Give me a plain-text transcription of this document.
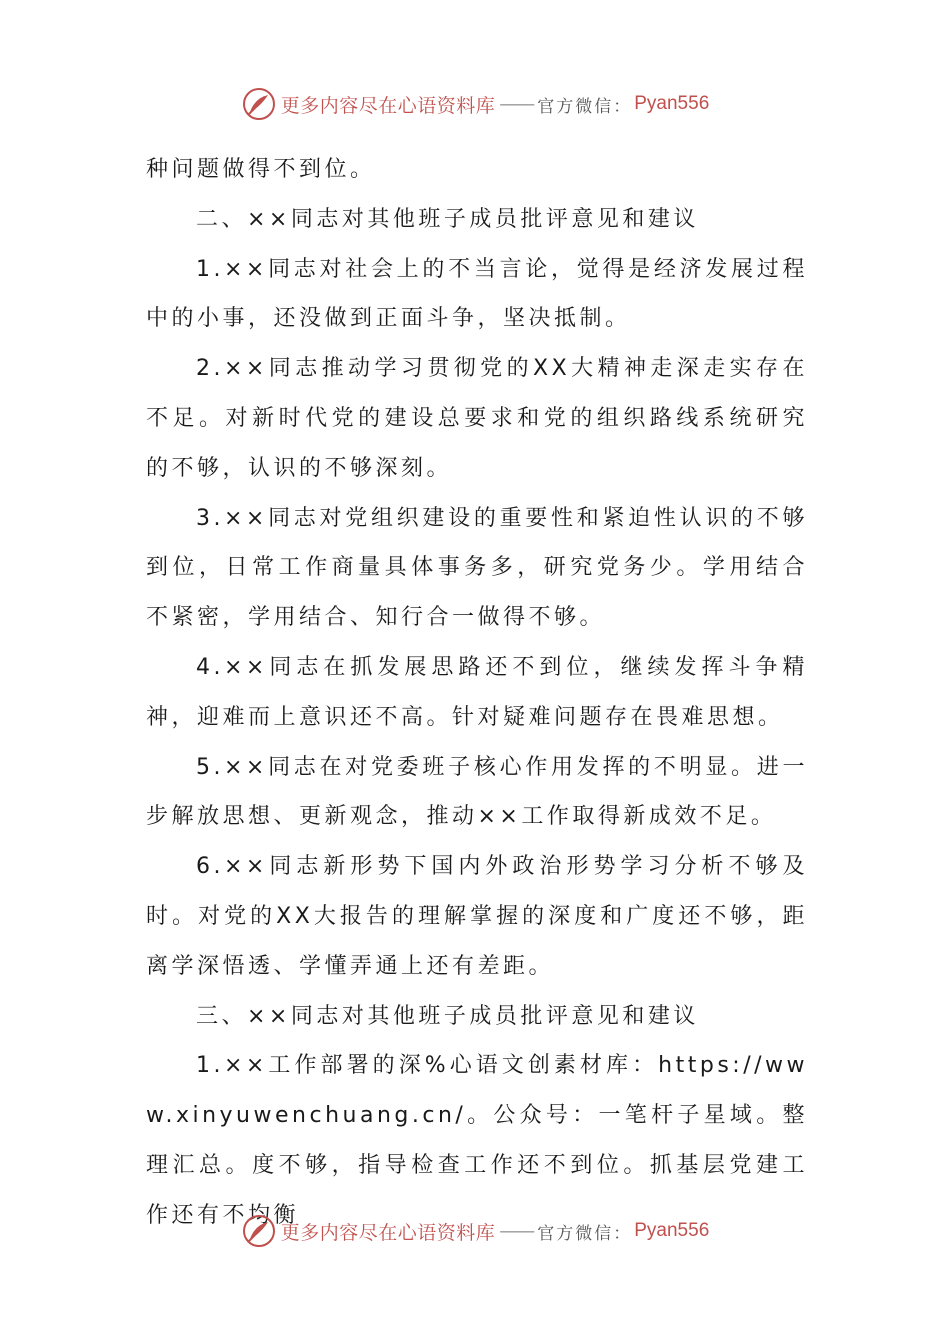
更多内容尽在心语资料库 —— 官方微信： Pyan556

种问题做得不到位。

二、××同志对其他班子成员批评意见和建议

1.××同志对社会上的不当言论，觉得是经济发展过程中的小事，还没做到正面斗争，坚决抵制。

2.××同志推动学习贯彻党的XX大精神走深走实存在不足。对新时代党的建设总要求和党的组织路线系统研究的不够，认识的不够深刻。

3.××同志对党组织建设的重要性和紧迫性认识的不够到位，日常工作商量具体事务多，研究党务少。学用结合不紧密，学用结合、知行合一做得不够。

4.××同志在抓发展思路还不到位，继续发挥斗争精神，迎难而上意识还不高。针对疑难问题存在畏难思想。

5.××同志在对党委班子核心作用发挥的不明显。进一步解放思想、更新观念，推动××工作取得新成效不足。

6.××同志新形势下国内外政治形势学习分析不够及时。对党的XX大报告的理解掌握的深度和广度还不够，距离学深悟透、学懂弄通上还有差距。

三、××同志对其他班子成员批评意见和建议

1.××工作部署的深%心语文创素材库：https://www.xinyuwenchuang.cn/。公众号：一笔杆子星域。整理汇总。度不够，指导检查工作还不到位。抓基层党建工作还有不均衡

更多内容尽在心语资料库 —— 官方微信： Pyan556
